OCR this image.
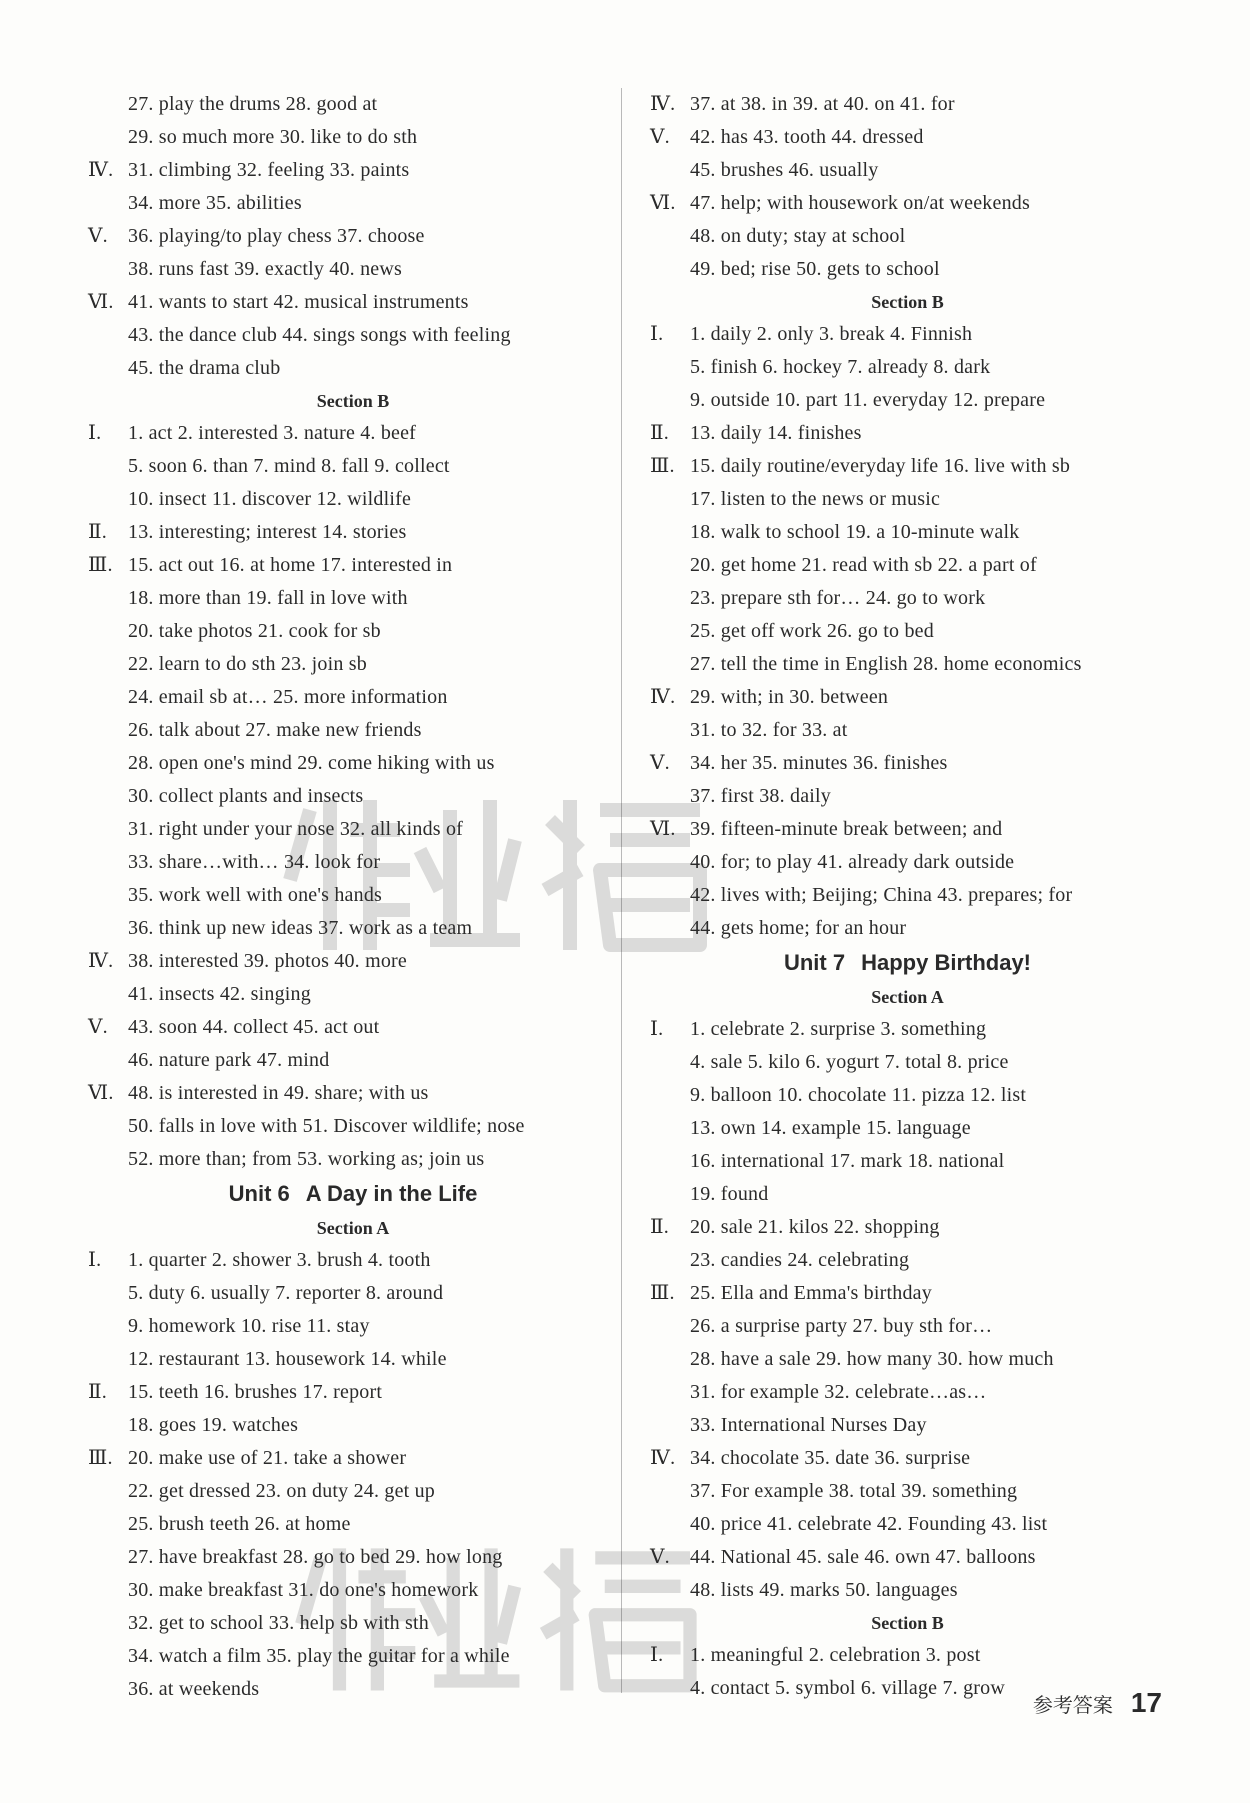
27. play the drums 28. good at
29. so much more 30. like to do sth
Ⅳ. 31. climbing 32. feeling 33. paints
34. more 35. abilities
Ⅴ.	36. playing/to play chess 37. choose
38. runs fast 39. exactly 40. news
Ⅵ. 41. wants to start 42. musical instruments
43. the dance club 44. sings songs with feeling
45. the drama club
Section B
Ⅰ.	1. act 2. interested 3. nature 4. beef
5. soon 6. than 7. mind 8. fall 9. collect
10. insect 11. discover 12. wildlife
Ⅱ.	13. interesting; interest 14. stories
Ⅲ. 15. act out 16. at home 17. interested in
18. more than 19. fall in love with
20. take photos 21. cook for sb
22. learn to do sth 23. join sb
24. email sb at… 25. more information
26. talk about 27. make new friends
28. open one's mind 29. come hiking with us
30. collect plants and insects
31. right under your nose 32. all kinds of
33. share…with… 34. look for
35. work well with one's hands
36. think up new ideas 37. work as a team
Ⅳ. 38. interested 39. photos 40. more
41. insects 42. singing
Ⅴ.	43. soon 44. collect 45. act out
46. nature park 47. mind
Ⅵ. 48. is interested in 49. share; with us
50. falls in love with 51. Discover wildlife; nose
52. more than; from 53. working as; join us
Unit 6 A Day in the Life
Section A
Ⅰ.	1. quarter 2. shower 3. brush 4. tooth
5. duty 6. usually 7. reporter 8. around
9. homework 10. rise 11. stay
12. restaurant 13. housework 14. while
Ⅱ.	15. teeth 16. brushes 17. report
18. goes 19. watches
Ⅲ. 20. make use of 21. take a shower
22. get dressed 23. on duty 24. get up
25. brush teeth 26. at home
27. have breakfast 28. go to bed 29. how long
30. make breakfast 31. do one's homework
32. get to school 33. help sb with sth
34. watch a film 35. play the guitar for a while
36. at weekends
Ⅳ. 37. at 38. in 39. at 40. on 41. for
Ⅴ.	42. has 43. tooth 44. dressed
45. brushes 46. usually
Ⅵ. 47. help; with housework on/at weekends
48. on duty; stay at school
49. bed; rise 50. gets to school
Section B
Ⅰ.	1. daily 2. only 3. break 4. Finnish
5. finish 6. hockey 7. already 8. dark
9. outside 10. part 11. everyday 12. prepare
Ⅱ.	13. daily 14. finishes
Ⅲ. 15. daily routine/everyday life 16. live with sb
17. listen to the news or music
18. walk to school 19. a 10-minute walk
20. get home 21. read with sb 22. a part of
23. prepare sth for… 24. go to work
25. get off work 26. go to bed
27. tell the time in English 28. home economics
Ⅳ. 29. with; in 30. between
31. to 32. for 33. at
Ⅴ.	34. her 35. minutes 36. finishes
37. first 38. daily
Ⅵ. 39. fifteen-minute break between; and
40. for; to play 41. already dark outside
42. lives with; Beijing; China 43. prepares; for
44. gets home; for an hour
Unit 7 Happy Birthday!
Section A
Ⅰ.	1. celebrate 2. surprise 3. something
4. sale 5. kilo 6. yogurt 7. total 8. price
9. balloon 10. chocolate 11. pizza 12. list
13. own 14. example 15. language
16. international 17. mark 18. national
19. found
Ⅱ.	20. sale 21. kilos 22. shopping
23. candies 24. celebrating
Ⅲ. 25. Ella and Emma's birthday
26. a surprise party 27. buy sth for…
28. have a sale 29. how many 30. how much
31. for example 32. celebrate…as…
33. International Nurses Day
Ⅳ. 34. chocolate 35. date 36. surprise
37. For example 38. total 39. something
40. price 41. celebrate 42. Founding 43. list
Ⅴ.	44. National 45. sale 46. own 47. balloons
48. lists 49. marks 50. languages
Section B
Ⅰ.	1. meaningful 2. celebration 3. post
4. contact 5. symbol 6. village 7. grow
参考答案 17
